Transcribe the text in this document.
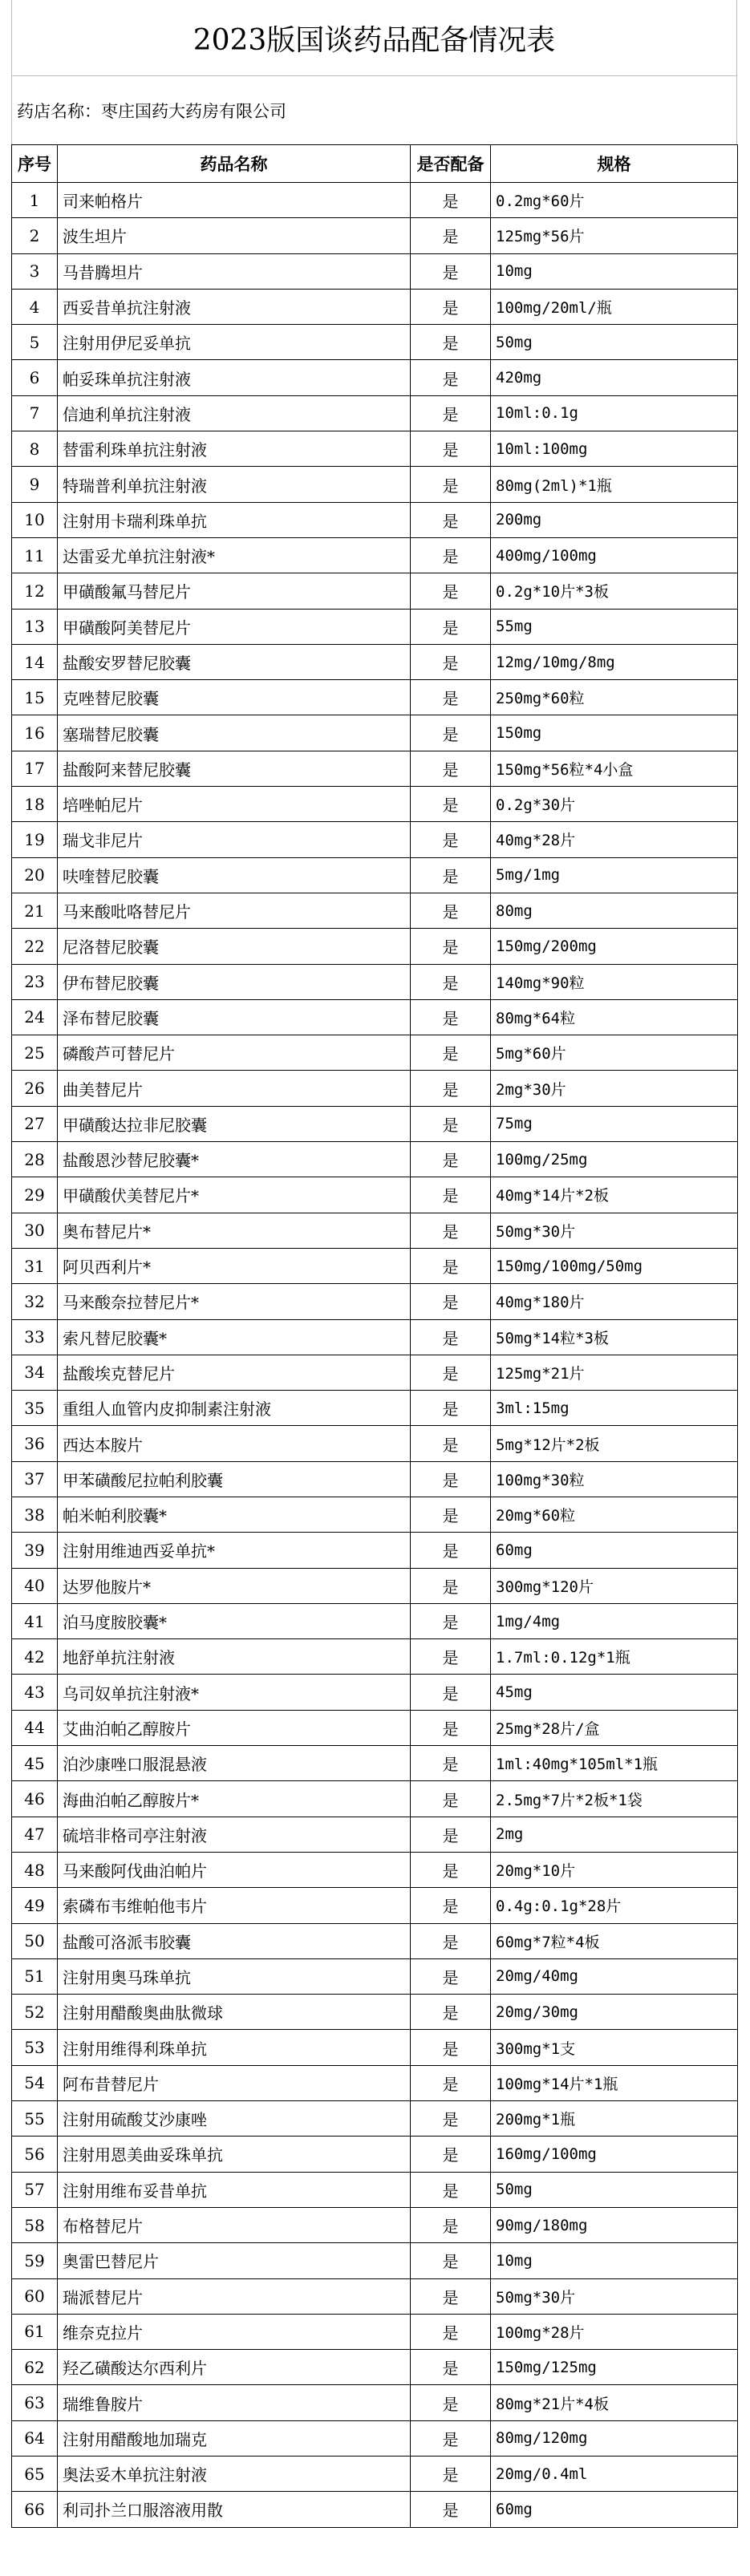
2023版国谈药品配备情况表
药店名称： 枣庄国药大药房有限公司
序号	药品名称	是否配备	规格
1	司来帕格片	是	0.2mg*60片
2	波生坦片	是	125mg*56片
3	马昔腾坦片	是	10mg
4	西妥昔单抗注射液	是	100mg/20ml/瓶
5	注射用伊尼妥单抗	是	50mg
6	帕妥珠单抗注射液	是	420mg
7	信迪利单抗注射液	是	10ml:0.1g
8	替雷利珠单抗注射液	是	10ml:100mg
9	特瑞普利单抗注射液	是	80mg(2ml)*1瓶
10	注射用卡瑞利珠单抗	是	200mg
11	达雷妥尤单抗注射液*	是	400mg/100mg
12	甲磺酸氟马替尼片	是	0.2g*10片*3板
13	甲磺酸阿美替尼片	是	55mg
14	盐酸安罗替尼胶囊	是	12mg/10mg/8mg
15	克唑替尼胶囊	是	250mg*60粒
16	塞瑞替尼胶囊	是	150mg
17	盐酸阿来替尼胶囊	是	150mg*56粒*4小盒
18	培唑帕尼片	是	0.2g*30片
19	瑞戈非尼片	是	40mg*28片
20	呋喹替尼胶囊	是	5mg/1mg
21	马来酸吡咯替尼片	是	80mg
22	尼洛替尼胶囊	是	150mg/200mg
23	伊布替尼胶囊	是	140mg*90粒
24	泽布替尼胶囊	是	80mg*64粒
25	磷酸芦可替尼片	是	5mg*60片
26	曲美替尼片	是	2mg*30片
27	甲磺酸达拉非尼胶囊	是	75mg
28	盐酸恩沙替尼胶囊*	是	100mg/25mg
29	甲磺酸伏美替尼片*	是	40mg*14片*2板
30	奥布替尼片*	是	50mg*30片
31	阿贝西利片*	是	150mg/100mg/50mg
32	马来酸奈拉替尼片*	是	40mg*180片
33	索凡替尼胶囊*	是	50mg*14粒*3板
34	盐酸埃克替尼片	是	125mg*21片
35	重组人血管内皮抑制素注射液	是	3ml:15mg
36	西达本胺片	是	5mg*12片*2板
37	甲苯磺酸尼拉帕利胶囊	是	100mg*30粒
38	帕米帕利胶囊*	是	20mg*60粒
39	注射用维迪西妥单抗*	是	60mg
40	达罗他胺片*	是	300mg*120片
41	泊马度胺胶囊*	是	1mg/4mg
42	地舒单抗注射液	是	1.7ml:0.12g*1瓶
43	乌司奴单抗注射液*	是	45mg
44	艾曲泊帕乙醇胺片	是	25mg*28片/盒
45	泊沙康唑口服混悬液	是	1ml:40mg*105ml*1瓶
46	海曲泊帕乙醇胺片*	是	2.5mg*7片*2板*1袋
47	硫培非格司亭注射液	是	2mg
48	马来酸阿伐曲泊帕片	是	20mg*10片
49	索磷布韦维帕他韦片	是	0.4g:0.1g*28片
50	盐酸可洛派韦胶囊	是	60mg*7粒*4板
51	注射用奥马珠单抗	是	20mg/40mg
52	注射用醋酸奥曲肽微球	是	20mg/30mg
53	注射用维得利珠单抗	是	300mg*1支
54	阿布昔替尼片	是	100mg*14片*1瓶
55	注射用硫酸艾沙康唑	是	200mg*1瓶
56	注射用恩美曲妥珠单抗	是	160mg/100mg
57	注射用维布妥昔单抗	是	50mg
58	布格替尼片	是	90mg/180mg
59	奥雷巴替尼片	是	10mg
60	瑞派替尼片	是	50mg*30片
61	维奈克拉片	是	100mg*28片
62	羟乙磺酸达尔西利片	是	150mg/125mg
63	瑞维鲁胺片	是	80mg*21片*4板
64	注射用醋酸地加瑞克	是	80mg/120mg
65	奥法妥木单抗注射液	是	20mg/0.4ml
66	利司扑兰口服溶液用散	是	60mg
